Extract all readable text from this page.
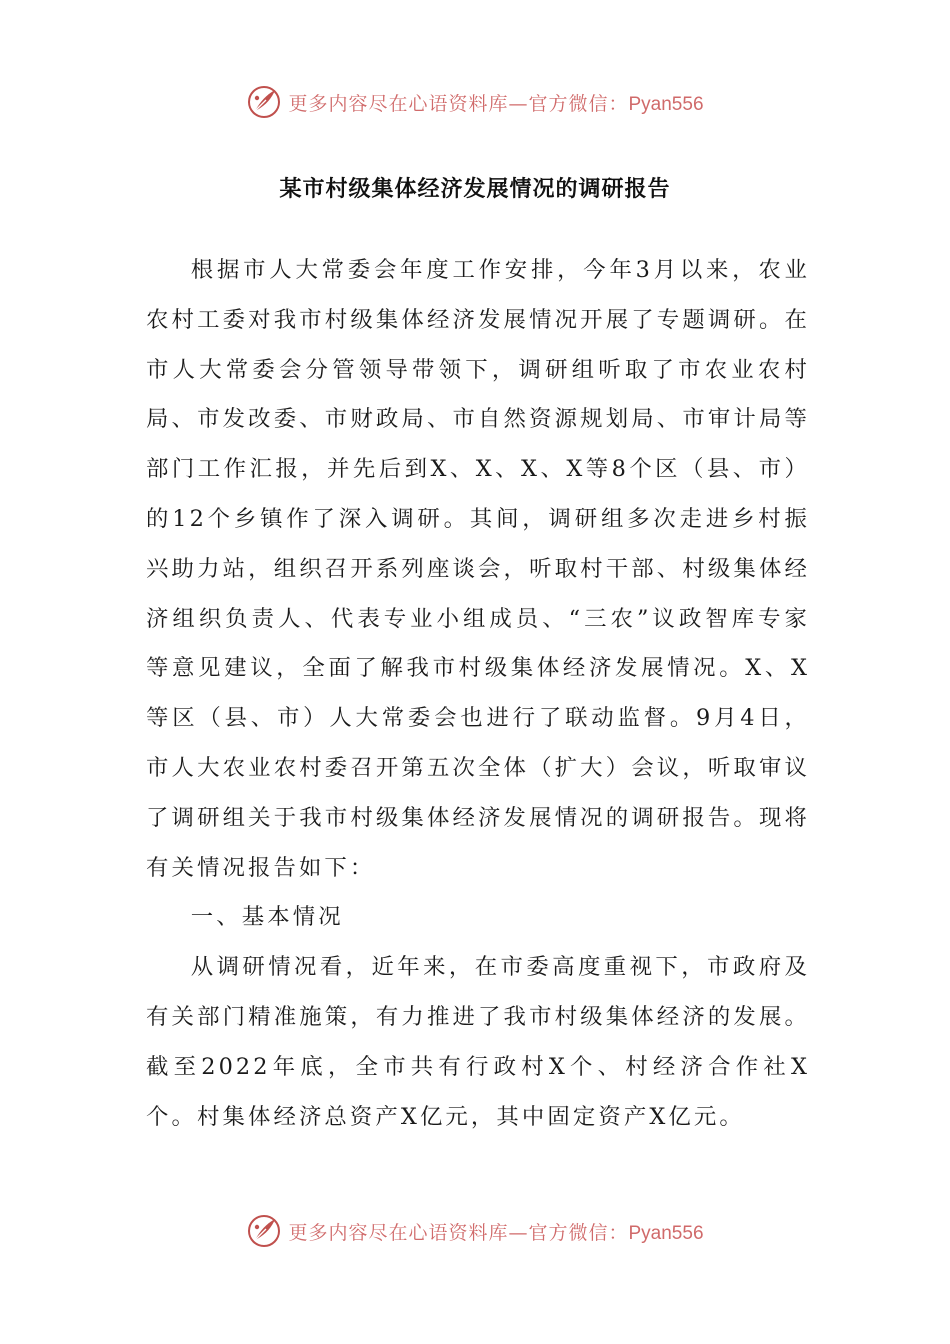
更多内容尽在心语资料库—官方微信：Pyan556
某市村级集体经济发展情况的调研报告

根据市人大常委会年度工作安排，今年3月以来，农业农村工委对我市村级集体经济发展情况开展了专题调研。在市人大常委会分管领导带领下，调研组听取了市农业农村局、市发改委、市财政局、市自然资源规划局、市审计局等部门工作汇报，并先后到X、X、X、X等8个区（县、市）的12个乡镇作了深入调研。其间，调研组多次走进乡村振兴助力站，组织召开系列座谈会，听取村干部、村级集体经济组织负责人、代表专业小组成员、“三农”议政智库专家等意见建议，全面了解我市村级集体经济发展情况。X、X等区（县、市）人大常委会也进行了联动监督。9月4日，市人大农业农村委召开第五次全体（扩大）会议，听取审议了调研组关于我市村级集体经济发展情况的调研报告。现将有关情况报告如下：

一、基本情况

从调研情况看，近年来，在市委高度重视下，市政府及有关部门精准施策，有力推进了我市村级集体经济的发展。截至2022年底，全市共有行政村X个、村经济合作社X个。村集体经济总资产X亿元，其中固定资产X亿元。

更多内容尽在心语资料库—官方微信：Pyan556
